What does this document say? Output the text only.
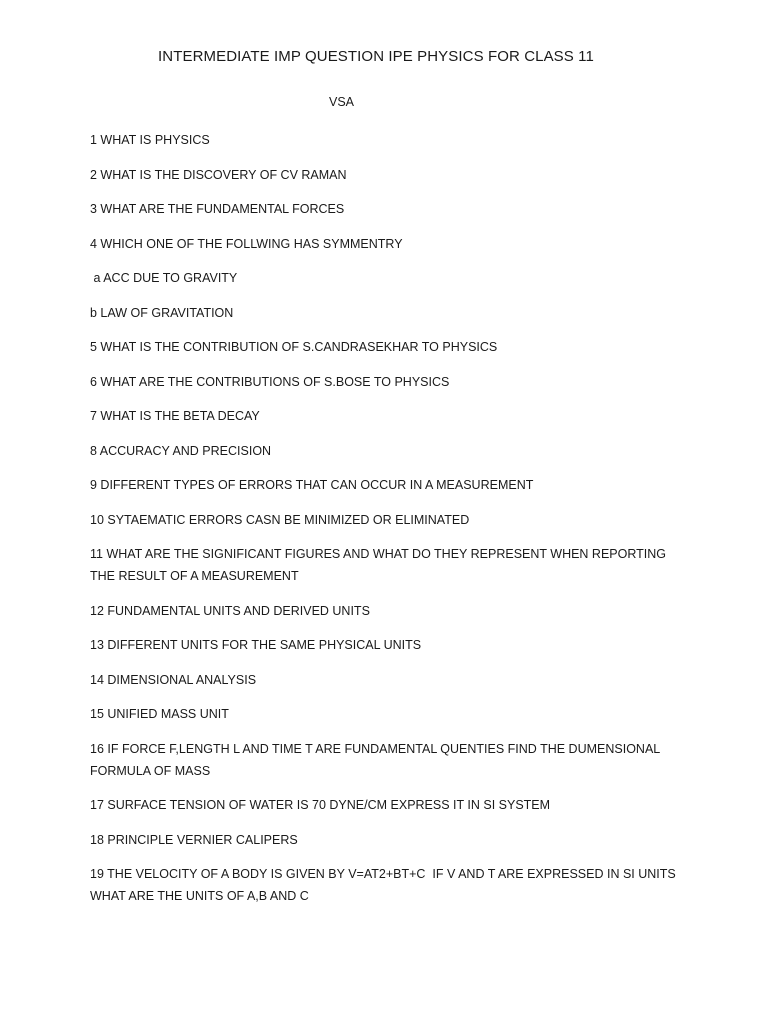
INTERMEDIATE IMP QUESTION IPE PHYSICS FOR CLASS 11
VSA
1 WHAT IS PHYSICS
2 WHAT IS THE DISCOVERY OF CV RAMAN
3 WHAT ARE THE FUNDAMENTAL FORCES
4 WHICH ONE OF THE FOLLWING HAS SYMMENTRY
a ACC DUE TO GRAVITY
b LAW OF GRAVITATION
5 WHAT IS THE CONTRIBUTION OF S.CANDRASEKHAR TO PHYSICS
6 WHAT ARE THE CONTRIBUTIONS OF S.BOSE TO PHYSICS
7 WHAT IS THE BETA DECAY
8 ACCURACY AND PRECISION
9 DIFFERENT TYPES OF ERRORS THAT CAN OCCUR IN A MEASUREMENT
10 SYTAEMATIC ERRORS CASN BE MINIMIZED OR ELIMINATED
11 WHAT ARE THE SIGNIFICANT FIGURES AND WHAT DO THEY REPRESENT WHEN REPORTING THE RESULT OF A MEASUREMENT
12 FUNDAMENTAL UNITS AND DERIVED UNITS
13 DIFFERENT UNITS FOR THE SAME PHYSICAL UNITS
14 DIMENSIONAL ANALYSIS
15 UNIFIED MASS UNIT
16 IF FORCE F,LENGTH L AND TIME T ARE FUNDAMENTAL QUENTIES FIND THE DUMENSIONAL FORMULA OF MASS
17 SURFACE TENSION OF WATER IS 70 DYNE/CM EXPRESS IT IN SI SYSTEM
18 PRINCIPLE VERNIER CALIPERS
19 THE VELOCITY OF A BODY IS GIVEN BY V=AT2+BT+C  IF V AND T ARE EXPRESSED IN SI UNITS WHAT ARE THE UNITS OF A,B AND C
